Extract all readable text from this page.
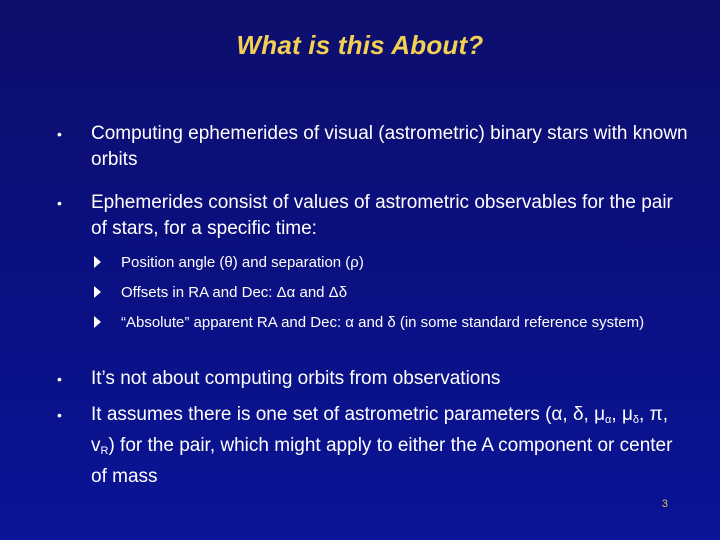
What is this About?
• Computing ephemerides of visual (astrometric) binary stars with known orbits
• Ephemerides consist of values of astrometric observables for the pair of stars, for a specific time:
Position angle (θ) and separation (ρ)
Offsets in RA and Dec: Δα and Δδ
“Absolute” apparent RA and Dec: α and δ (in some standard reference system)
• It’s not about computing orbits from observations
• It assumes there is one set of astrometric parameters (α, δ, $\mu_\alpha$, $\mu_\delta$, π, $v_R$) for the pair, which might apply to either the A component or center of mass
3
